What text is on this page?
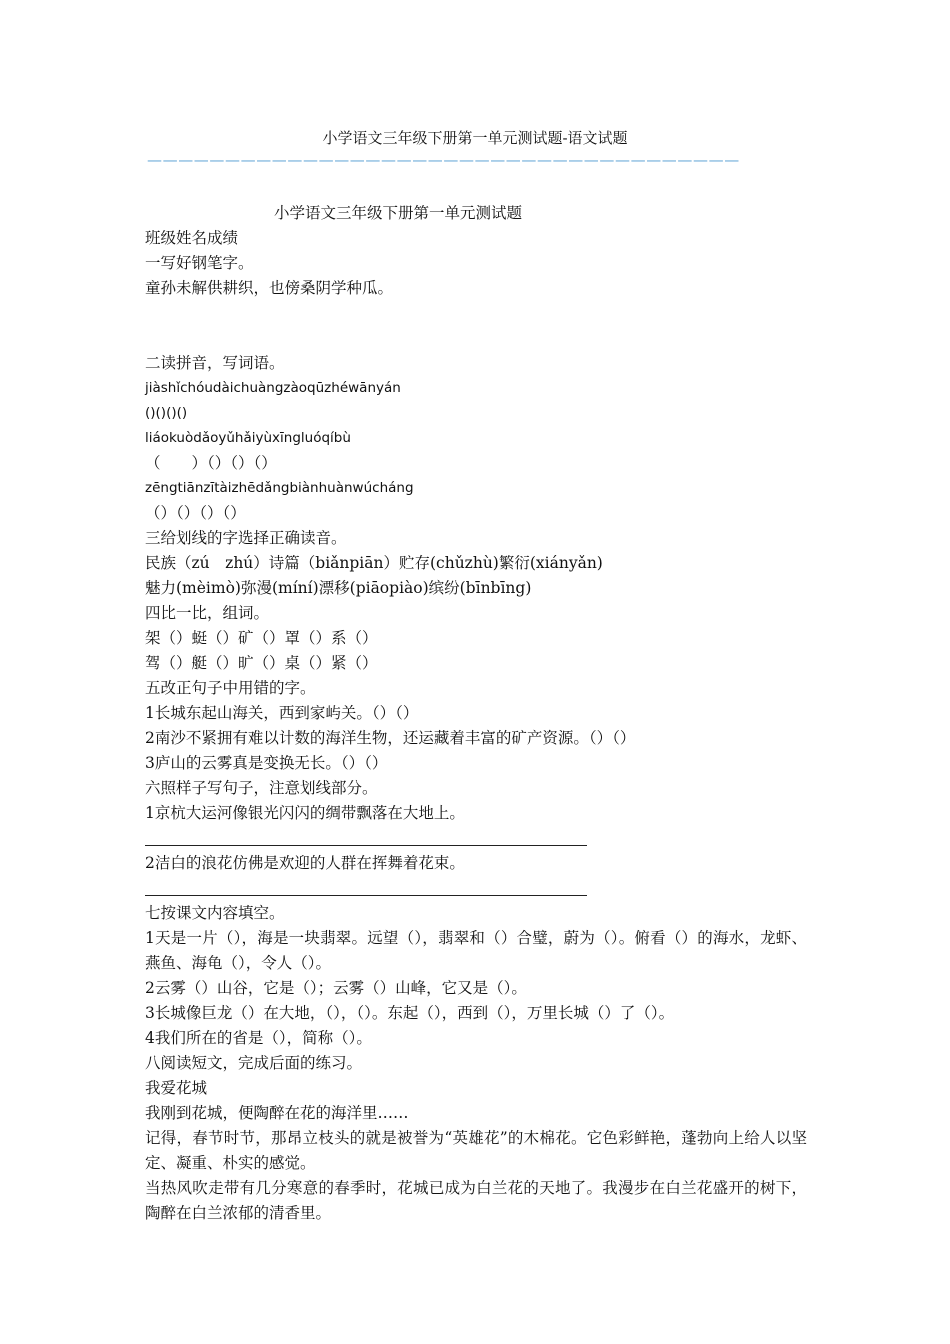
小学语文三年级下册第一单元测试题-语文试题
——————————————————————————————————————
小学语文三年级下册第一单元测试题
班级姓名成绩
一写好钢笔字。
童孙未解供耕织，也傍桑阴学种瓜。
二读拼音，写词语。
jiàshǐchóudàichuàngzàoqūzhéwānyán
()()()()
liáokuòdǎoyǔhǎiyùxīngluóqíbù
（　　）（）（）（）
zēngtiānzītàizhēdǎngbiànhuànwúcháng
（）（）（）（）
三给划线的字选择正确读音。
民族（zú　zhú）诗篇（biǎnpiān）贮存(chǔzhù)繁衍(xiányǎn)
魅力(mèimò)弥漫(míní)漂移(piāopiào)缤纷(bīnbīng)
四比一比，组词。
架（）蜓（）矿（）罩（）系（）
驾（）艇（）旷（）桌（）紧（）
五改正句子中用错的字。
1长城东起山海关，西到家屿关。（）（）
2南沙不紧拥有难以计数的海洋生物，还运藏着丰富的矿产资源。（）（）
3庐山的云雾真是变换无长。（）（）
六照样子写句子，注意划线部分。
1京杭大运河像银光闪闪的绸带飘落在大地上。
2洁白的浪花仿佛是欢迎的人群在挥舞着花束。
七按课文内容填空。
1天是一片（），海是一块翡翠。远望（），翡翠和（）合璧，蔚为（）。俯看（）的海水，龙虾、燕鱼、海龟（），令人（）。
2云雾（）山谷，它是（）；云雾（）山峰，它又是（）。
3长城像巨龙（）在大地，（），（）。东起（），西到（），万里长城（）了（）。
4我们所在的省是（），简称（）。
八阅读短文，完成后面的练习。
我爱花城
我刚到花城，便陶醉在花的海洋里……
记得，春节时节，那昂立枝头的就是被誉为“英雄花”的木棉花。它色彩鲜艳，蓬勃向上给人以坚定、凝重、朴实的感觉。
当热风吹走带有几分寒意的春季时，花城已成为白兰花的天地了。我漫步在白兰花盛开的树下，陶醉在白兰浓郁的清香里。
